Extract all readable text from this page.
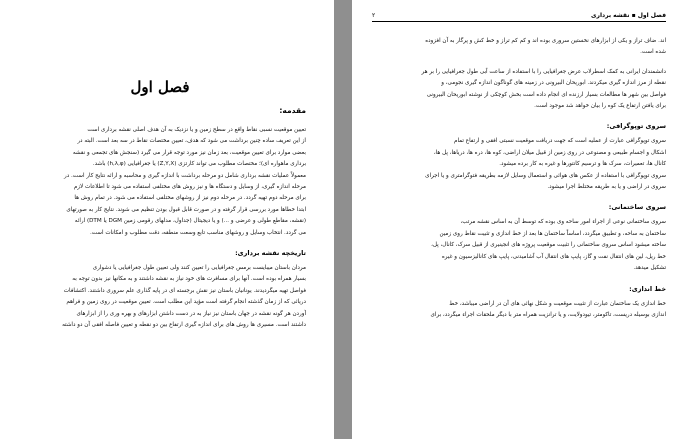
فصل اول
مقدمه:
تعیین موقعیت نسبی نقاط واقع در سطح زمین و یا نزدیک به آن هدف اصلی نقشه برداری است
از این تعریف ساده چنین برداشت می شود که هدف، تعیین مختصات نقاط در سه بعد است. البته در
بعضی موارد برای تعیین موقعیت، بعد زمان نیز مورد توجه قرار می گیرد (سنجش های تجمعی و نقشه
برداری ماهواره ای)؛ مختصات مطلوب می تواند کارتزی (Z,Y,X) یا جغرافیایی (h,λ,φ) باشد.
معمولاً عملیات نقشه برداری شامل دو مرحله برداشت با اندازه گیری و محاسبه و ارائه نتایج کار است. در
مرحله اندازه گیری، از وسایل و دستگاه ها و نیز روش های مختلفی استفاده می شود تا اطلاعات لازم
برای مرحله دوم تهیه گردد. در مرحله دوم نیز از روشهای مختلفی استفاده می شود. در تمام روش ها
ابتدا خطاها مورد بررسی قرار گرفته و در صورت قابل قبول بودن تنظیم می شوند. نتایج کار به صورتهای
(نقشه، مقاطع طولی و عرضی و ...) و یا دیجیتال (جداول، مدلهای رقومی زمین DGM یا DTM) ارائه
می گردد. انتخاب وسایل و روشهای مناسب تابع وسعت منطقه، دقت مطلوب و امکانات است.
تاریخچه نقشه برداری:
مردان باستان میبایست برمس جغرافیایی را تعیین کنند ولی تعیین طول جغرافیایی یا دشواری
بسیار همراه بوده است. آنها برای مسافرت های خود نیاز به نقشه داشتند و به مکانها نیز بدون توجه به
فواصل تهیه میگردیدند. یونانیان باستان نیز نقش برجسته ای در پایه گذاری علم سروری داشتند. اکتشافات
دریائی که از زمان گذشته انجام گرفته است مؤید این مطلب است. تعیین موقعیت در روی زمین و فراهم
آوردن هر گونه نقشه در جهان باستان نیز نیاز به در دست داشتن ابزارهای و بهره وری را از ابزارهای
داشتند است. مسیری ها روش های برای اندازه گیری ارتفاع بین دو نقطه و تعیین فاصله افقی آن دو داشته
فصل اول ▪ نقشه برداری
۲
اند. ضاف تراز و یکی از ابزارهای نخستین سروری بوده اند و کم کم تراز و خط کش و پرگار به آن افزوده
شده است.
دانشمندان ایرانی به کمک اسطرلاب عرض جغرافیایی را با استفاده از ساعت آبی طول جغرافیایی را بر هر
نقطه از مرز اندازه گیری میکردند. ابوریحان البیرونی در زمینه های گوناگون اندازه گیری نجومی، و
فواصل بین شهر ها مطالعات بسیار ارزنده ای انجام داده است بخش کوچکی از نوشته ابوریحان البیرونی
برای یافتن ارتفاع یک کوه را بیان خواهد شد موجود است.
سروی توپوگرافی:
سروی توپوگرافی عبارت از عملیه است که جهت دریافت موقعیت نسبتی افقی و ارتفاع تمام
اشکال و اجسام طبیعی و مصنوعی در روی زمین از قبیل میلان اراضی، کوه ها، دره ها، دریاها، پل ها،
کانال ها، تعمیرات، سرک ها و ترسیم کانتورها و غیره به کار برده میشود.
سروی توپوگرافی با استفاده از عکس های هوائی و استعمال وسایل لازمه بطریقه فتوگرامتری و یا اجرای
سروی در اراضی و یا به طریقه مختلط اجرا میشود.
سروی ساختمانی:
سروی ساختمانی نوعی از اجراء امور ساحه وی بوده که توسط آن به اساس نقشه مرتب،
ساختمان به ساحه، و تطبیق میگردد، اساساً ساختمان ها بعد از خط اندازی و تثبیت نقاط روی زمین
ساخته میشود اساس سروی ساختمانی را تثبیت موقعیت پروژه های انجینیری از قبیل سرک، کانال، پل،
خط ریل، لین های انتقال نفت و گاز، پایپ های انتقال آب آشامیدنی، پایپ های کانالیزسیون و غیره
تشکیل میدهد.
خط اندازی:
خط اندازی یک ساختمان عبارت از تثبیت موقعیت و شکل نهائی های آن در اراضی میباشد، خط
اندازی بوسیله دریست، تاکومتر، تیودولایت، و یا ترانزیت همراه متر با دیگر ملحقات اجراء میگردد، برای
